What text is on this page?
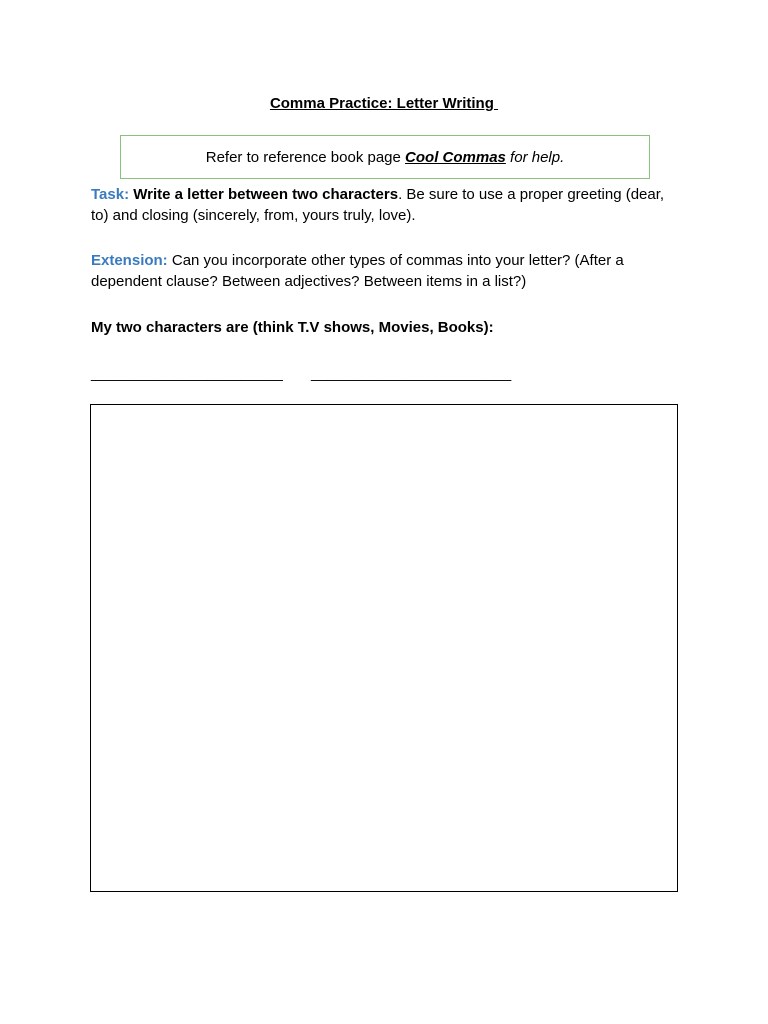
Comma Practice: Letter Writing
Refer to reference book page Cool Commas for help.
Task: Write a letter between two characters. Be sure to use a proper greeting (dear, to) and closing (sincerely, from, yours truly, love).
Extension: Can you incorporate other types of commas into your letter? (After a dependent clause? Between adjectives? Between items in a list?)
My two characters are (think T.V shows, Movies, Books):
_______________________ ________________________
